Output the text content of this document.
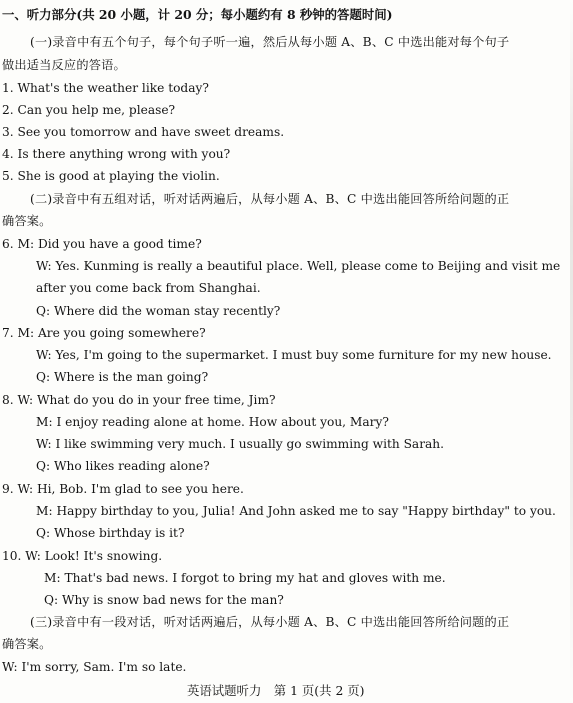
一、听力部分(共 20 小题，计 20 分；每小题约有 8 秒钟的答题时间)
(一)录音中有五个句子，每个句子听一遍，然后从每小题 A、B、C 中选出能对每个句子
做出适当反应的答语。
1. What's the weather like today?
2. Can you help me, please?
3. See you tomorrow and have sweet dreams.
4. Is there anything wrong with you?
5. She is good at playing the violin.
(二)录音中有五组对话，听对话两遍后，从每小题 A、B、C 中选出能回答所给问题的正
确答案。
6. M: Did you have a good time?
W: Yes. Kunming is really a beautiful place. Well, please come to Beijing and visit me
after you come back from Shanghai.
Q: Where did the woman stay recently?
7. M: Are you going somewhere?
W: Yes, I'm going to the supermarket. I must buy some furniture for my new house.
Q: Where is the man going?
8. W: What do you do in your free time, Jim?
M: I enjoy reading alone at home. How about you, Mary?
W: I like swimming very much. I usually go swimming with Sarah.
Q: Who likes reading alone?
9. W: Hi, Bob. I'm glad to see you here.
M: Happy birthday to you, Julia! And John asked me to say "Happy birthday" to you.
Q: Whose birthday is it?
10. W: Look! It's snowing.
M: That's bad news. I forgot to bring my hat and gloves with me.
Q: Why is snow bad news for the man?
(三)录音中有一段对话，听对话两遍后，从每小题 A、B、C 中选出能回答所给问题的正
确答案。
W: I'm sorry, Sam. I'm so late.
英语试题听力　第 1 页(共 2 页)
